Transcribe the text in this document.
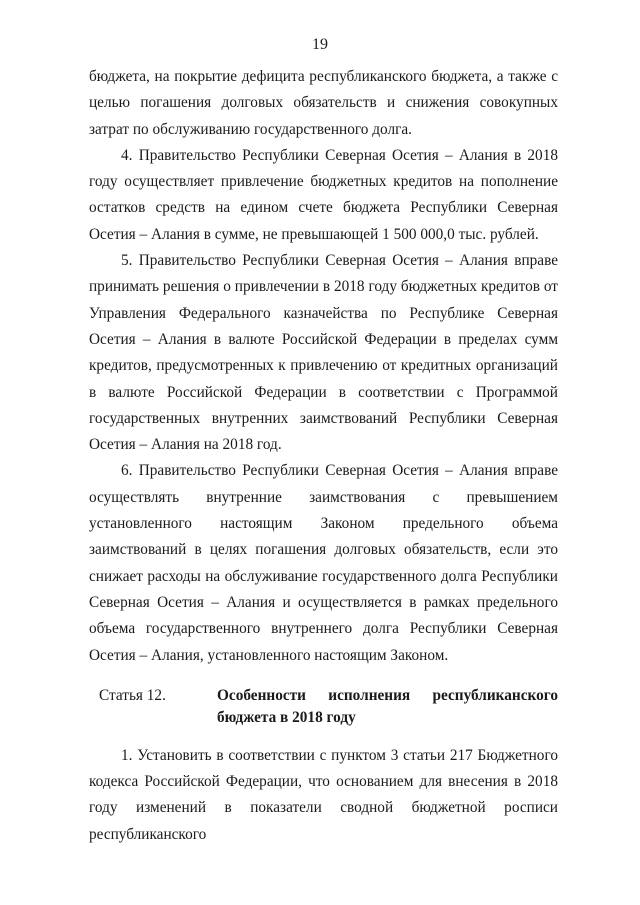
19

бюджета, на покрытие дефицита республиканского бюджета, а также с целью погашения долговых обязательств и снижения совокупных затрат по обслуживанию государственного долга.

4. Правительство Республики Северная Осетия – Алания в 2018 году осуществляет привлечение бюджетных кредитов на пополнение остатков средств на едином счете бюджета Республики Северная Осетия – Алания в сумме, не превышающей 1 500 000,0 тыс. рублей.

5. Правительство Республики Северная Осетия – Алания вправе принимать решения о привлечении в 2018 году бюджетных кредитов от Управления Федерального казначейства по Республике Северная Осетия – Алания в валюте Российской Федерации в пределах сумм кредитов, предусмотренных к привлечению от кредитных организаций в валюте Российской Федерации в соответствии с Программой государственных внутренних заимствований Республики Северная Осетия – Алания на 2018 год.

6. Правительство Республики Северная Осетия – Алания вправе осуществлять внутренние заимствования с превышением установленного настоящим Законом предельного объема заимствований в целях погашения долговых обязательств, если это снижает расходы на обслуживание государственного долга Республики Северная Осетия – Алания и осуществляется в рамках предельного объема государственного внутреннего долга Республики Северная Осетия – Алания, установленного настоящим Законом.

Статья 12.	Особенности исполнения республиканского бюджета в 2018 году

1. Установить в соответствии с пунктом 3 статьи 217 Бюджетного кодекса Российской Федерации, что основанием для внесения в 2018 году изменений в показатели сводной бюджетной росписи республиканского
